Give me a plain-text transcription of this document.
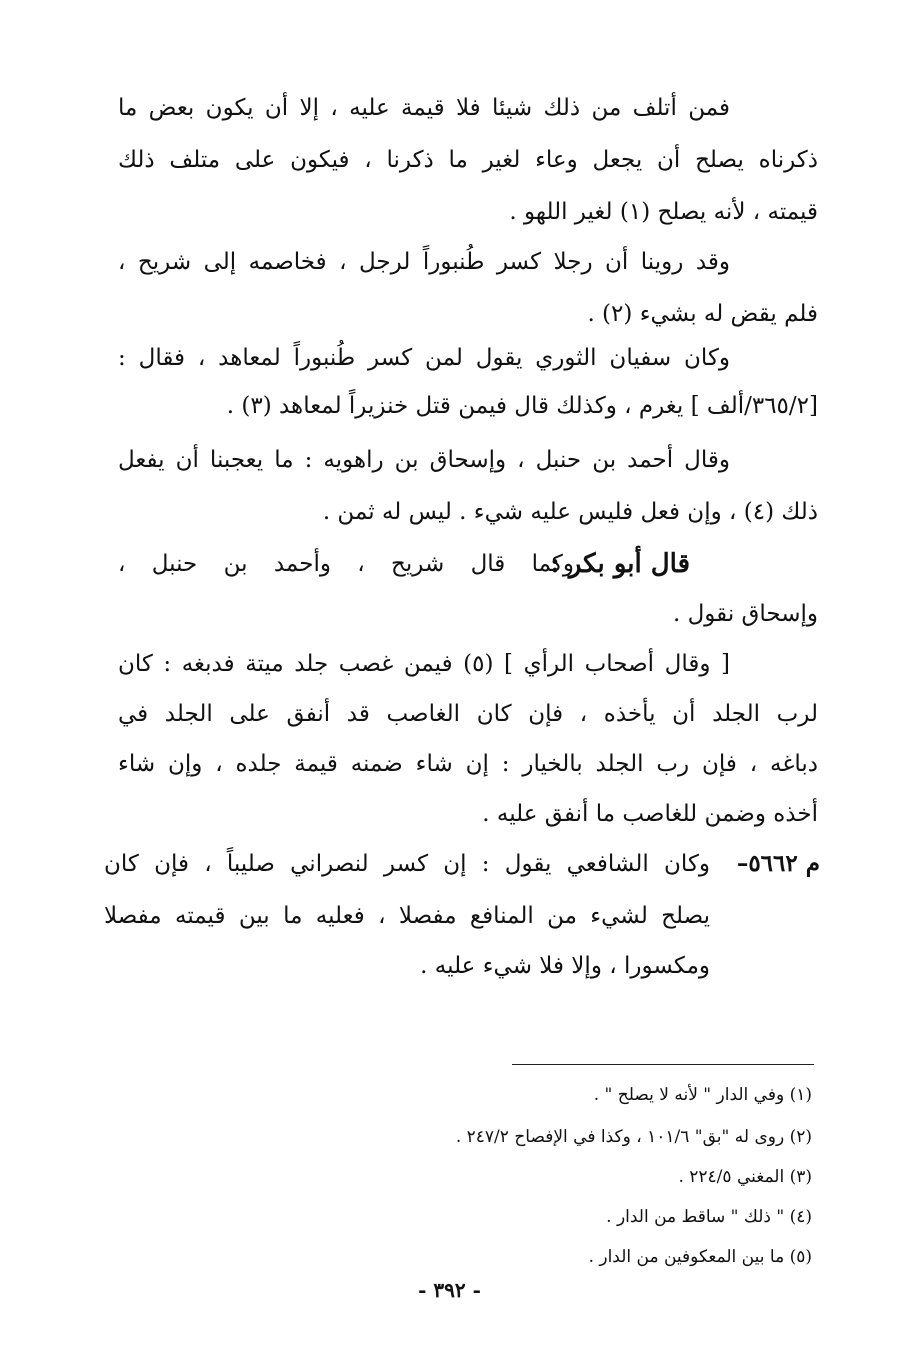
فمن أتلف من ذلك شيئا فلا قيمة عليه ، إلا أن يكون بعض ما
ذكرناه يصلح أن يجعل وعاء لغير ما ذكرنا ، فيكون على متلف ذلك
قيمته ، لأنه يصلح (١) لغير اللهو .
وقد روينا أن رجلا كسر طُنبوراً لرجل ، فخاصمه إلى شريح ،
فلم يقض له بشيء (٢) .
وكان سفيان الثوري يقول لمن كسر طُنبوراً لمعاهد ، فقال :
[٣٦٥/٢/ألف ] يغرم ، وكذلك قال فيمن قتل خنزيراً لمعاهد (٣) .
وقال أحمد بن حنبل ، وإسحاق بن راهويه : ما يعجبنا أن يفعل
ذلك (٤) ، وإن فعل فليس عليه شيء . ليس له ثمن .
قال أبو بكر :
وكما قال شريح ، وأحمد بن حنبل ،
وإسحاق نقول .
[ وقال أصحاب الرأي ] (٥) فيمن غصب جلد ميتة فدبغه : كان
لرب الجلد أن يأخذه ، فإن كان الغاصب قد أنفق على الجلد في
دباغه ، فإن رب الجلد بالخيار : إن شاء ضمنه قيمة جلده ، وإن شاء
أخذه وضمن للغاصب ما أنفق عليه .
م ٥٦٦٢–
وكان الشافعي يقول : إن كسر لنصراني صليباً ، فإن كان
يصلح لشيء من المنافع مفصلا ، فعليه ما بين قيمته مفصلا
ومكسورا ، وإلا فلا شيء عليه .
(١) وفي الدار " لأنه لا يصلح " .
(٢) روى له "بق" ١٠١/٦ ، وكذا في الإفصاح ٢٤٧/٢ .
(٣) المغني ٢٢٤/٥ .
(٤) " ذلك " ساقط من الدار .
(٥) ما بين المعكوفين من الدار .
- ٣٩٢ -
